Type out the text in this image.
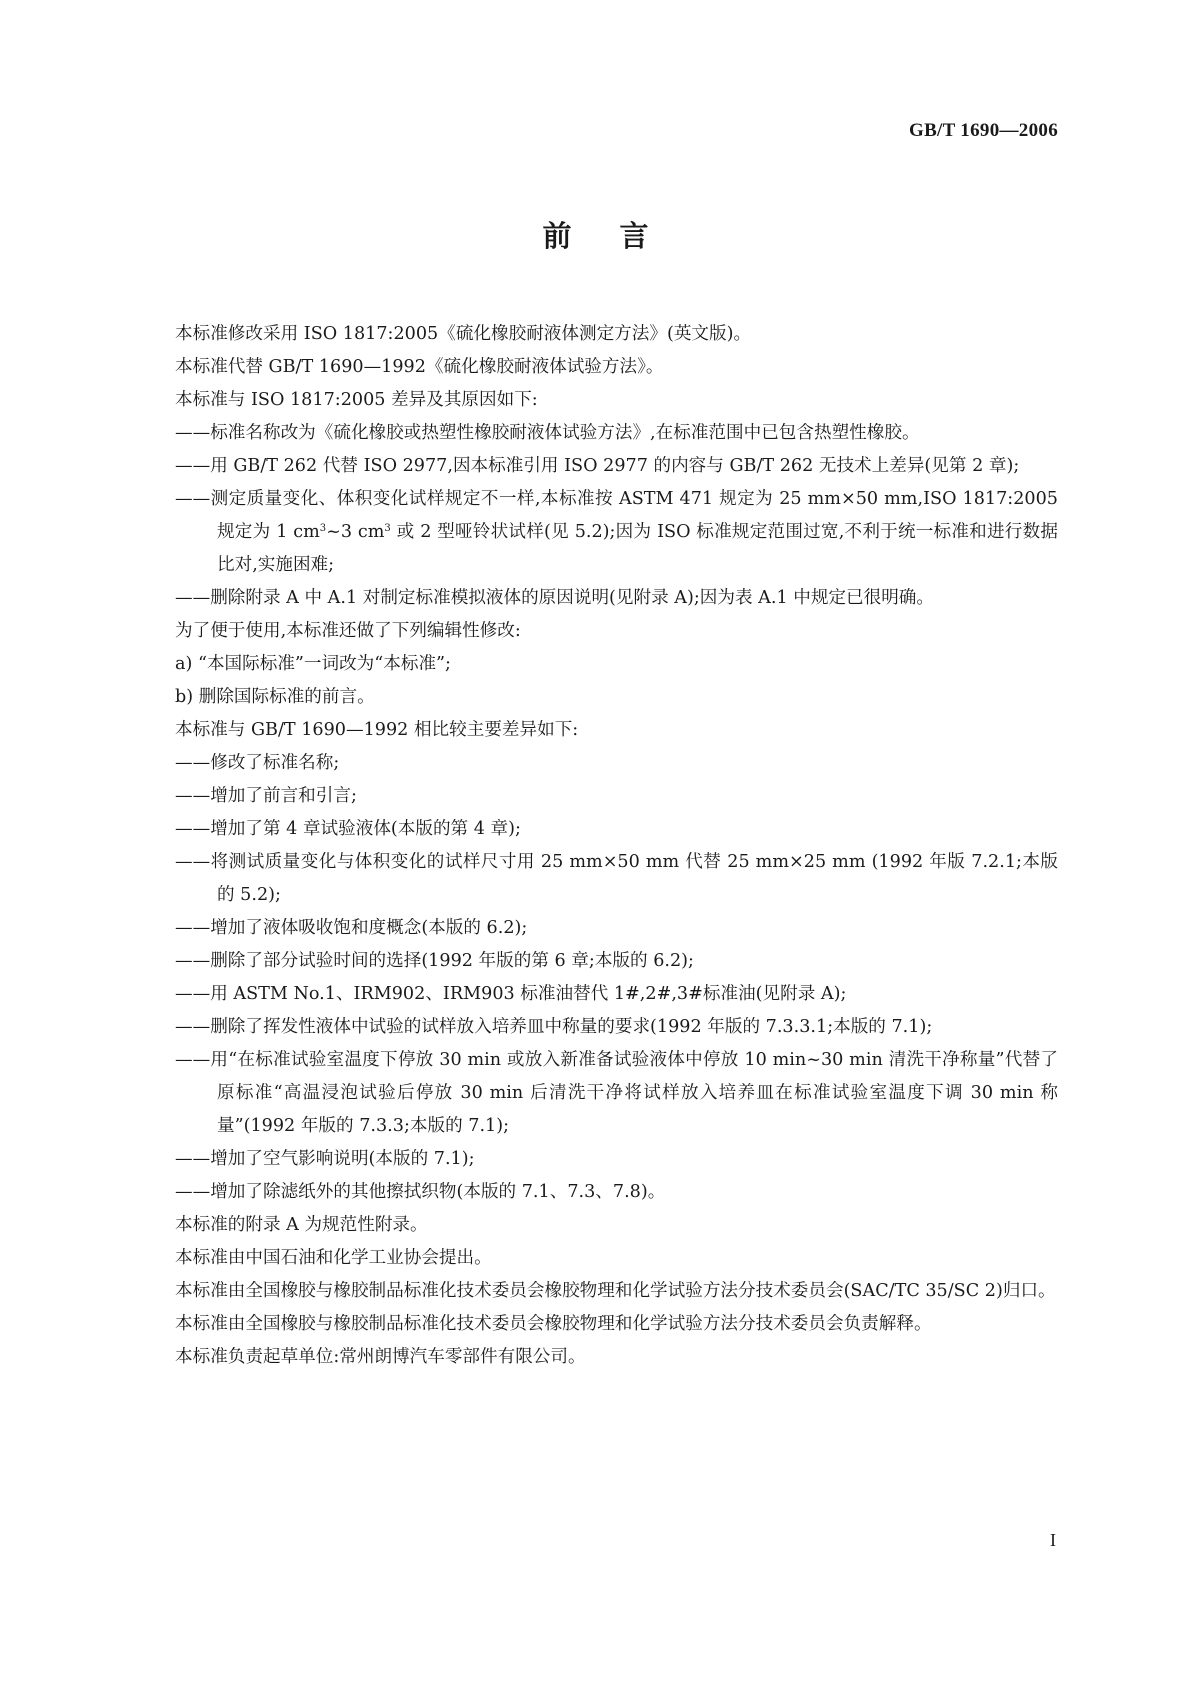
GB/T 1690—2006
前言

本标准修改采用 ISO 1817:2005《硫化橡胶耐液体测定方法》(英文版)。

本标准代替 GB/T 1690—1992《硫化橡胶耐液体试验方法》。

本标准与 ISO 1817:2005 差异及其原因如下:

——标准名称改为《硫化橡胶或热塑性橡胶耐液体试验方法》,在标准范围中已包含热塑性橡胶。

——用 GB/T 262 代替 ISO 2977,因本标准引用 ISO 2977 的内容与 GB/T 262 无技术上差异(见第 2 章);

——测定质量变化、体积变化试样规定不一样,本标准按 ASTM 471 规定为 25 mm×50 mm,ISO 1817:2005规定为 1 $cm^3\sim 3$ $cm^3$ 或 2 型哑铃状试样(见 5.2);因为 ISO 标准规定范围过宽,不利于统一标准和进行数据比对,实施困难;

——删除附录 A 中 A.1 对制定标准模拟液体的原因说明(见附录 A);因为表 A.1 中规定已很明确。

为了便于使用,本标准还做了下列编辑性修改:

a) “本国际标准”一词改为“本标准”;

b) 删除国际标准的前言。

本标准与 GB/T 1690—1992 相比较主要差异如下:

——修改了标准名称;

——增加了前言和引言;

——增加了第 4 章试验液体(本版的第 4 章);

——将测试质量变化与体积变化的试样尺寸用 25 mm×50 mm 代替 25 mm×25 mm (1992 年版 7.2.1;本版的 5.2);

——增加了液体吸收饱和度概念(本版的 6.2);

——删除了部分试验时间的选择(1992 年版的第 6 章;本版的 6.2);

——用 ASTM No.1、IRM902、IRM903 标准油替代 1#,2#,3#标准油(见附录 A);

——删除了挥发性液体中试验的试样放入培养皿中称量的要求(1992 年版的 7.3.3.1;本版的 7.1);

——用“在标准试验室温度下停放 30 min 或放入新准备试验液体中停放 10 min~30 min 清洗干净称量”代替了原标准“高温浸泡试验后停放 30 min 后清洗干净将试样放入培养皿在标准试验室温度下调 30 min 称量”(1992 年版的 7.3.3;本版的 7.1);

——增加了空气影响说明(本版的 7.1);

——增加了除滤纸外的其他擦拭织物(本版的 7.1、7.3、7.8)。

本标准的附录 A 为规范性附录。

本标准由中国石油和化学工业协会提出。

本标准由全国橡胶与橡胶制品标准化技术委员会橡胶物理和化学试验方法分技术委员会(SAC/TC 35/SC 2)归口。

本标准由全国橡胶与橡胶制品标准化技术委员会橡胶物理和化学试验方法分技术委员会负责解释。

本标准负责起草单位:常州朗博汽车零部件有限公司。

I
